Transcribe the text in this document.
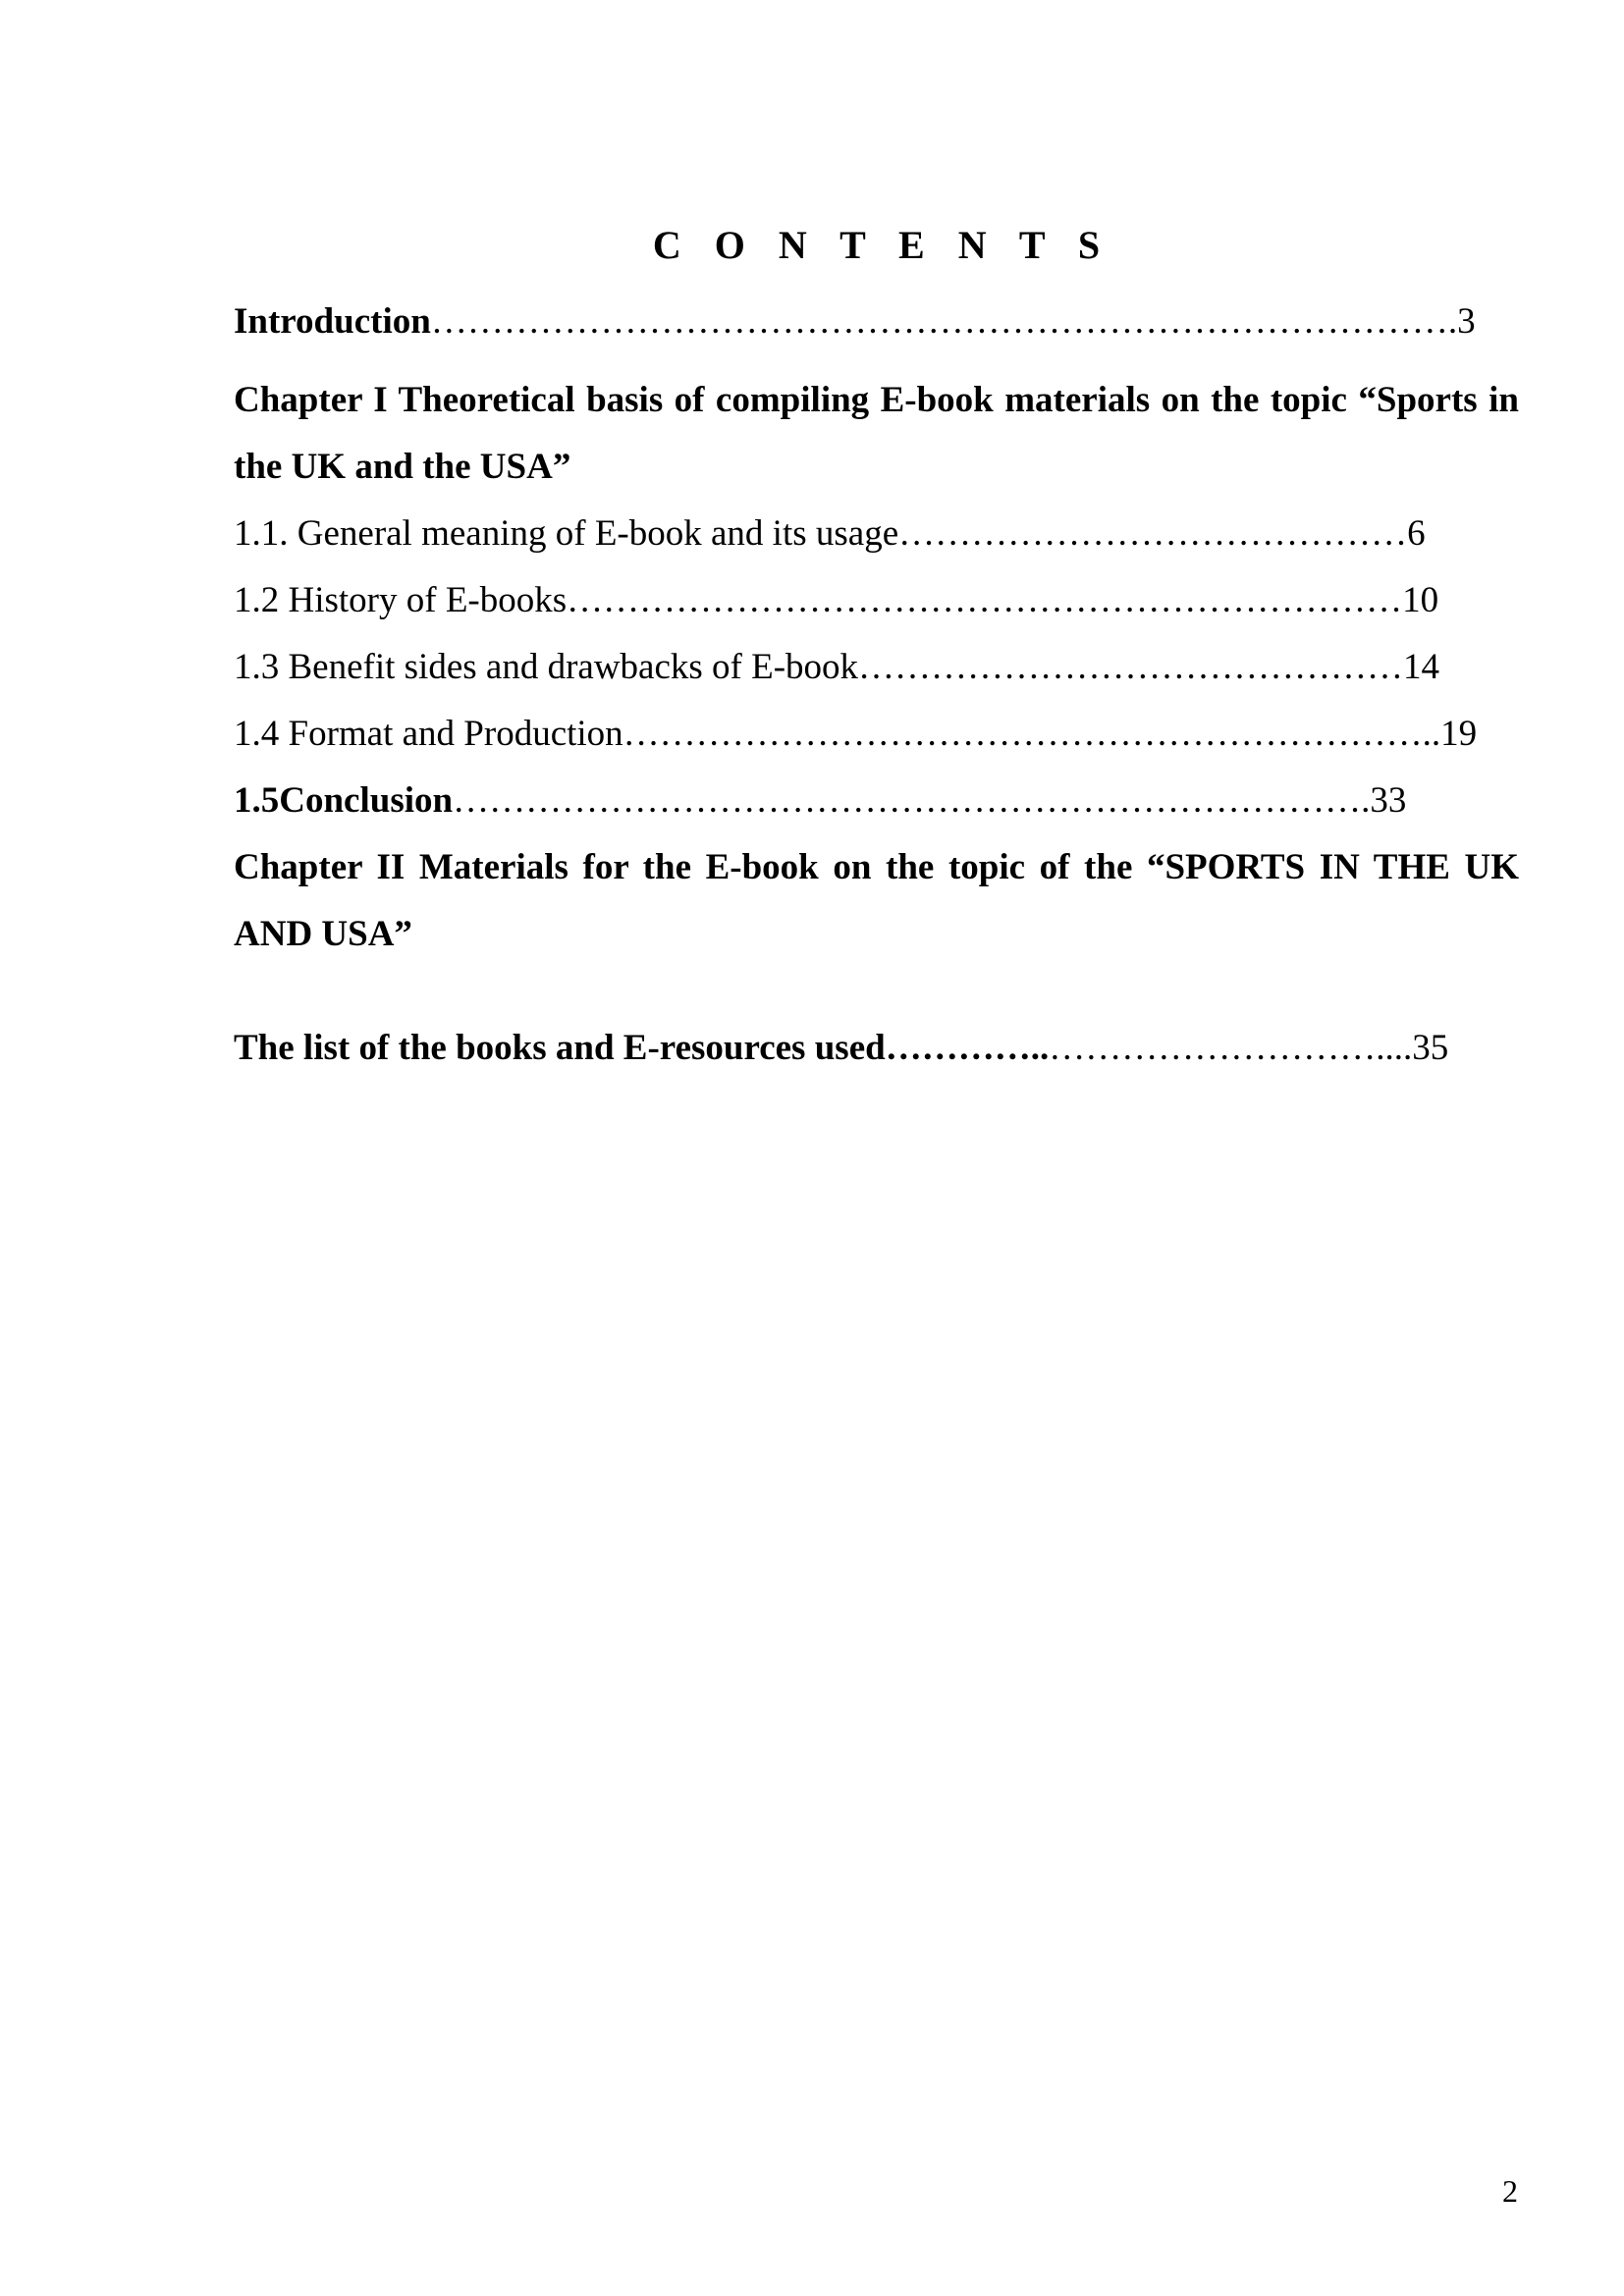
C O N T E N T S
Introduction………………………………………………………………………….3
Chapter I Theoretical basis of compiling E-book materials on the topic “Sports in the UK and the USA”
1.1. General meaning of E-book and its usage……………………………………6
1.2 History of E-books……………………………………………………………10
1.3 Benefit sides and drawbacks of E-book………………………………………14
1.4 Format and Production…………………………………………………………..19
1.5Conclusion………………………………………………………………….33
Chapter II Materials for the E-book on the topic of the “SPORTS IN THE UK AND USA”
The list of the books and E-resources used…………..………………………....35
2
